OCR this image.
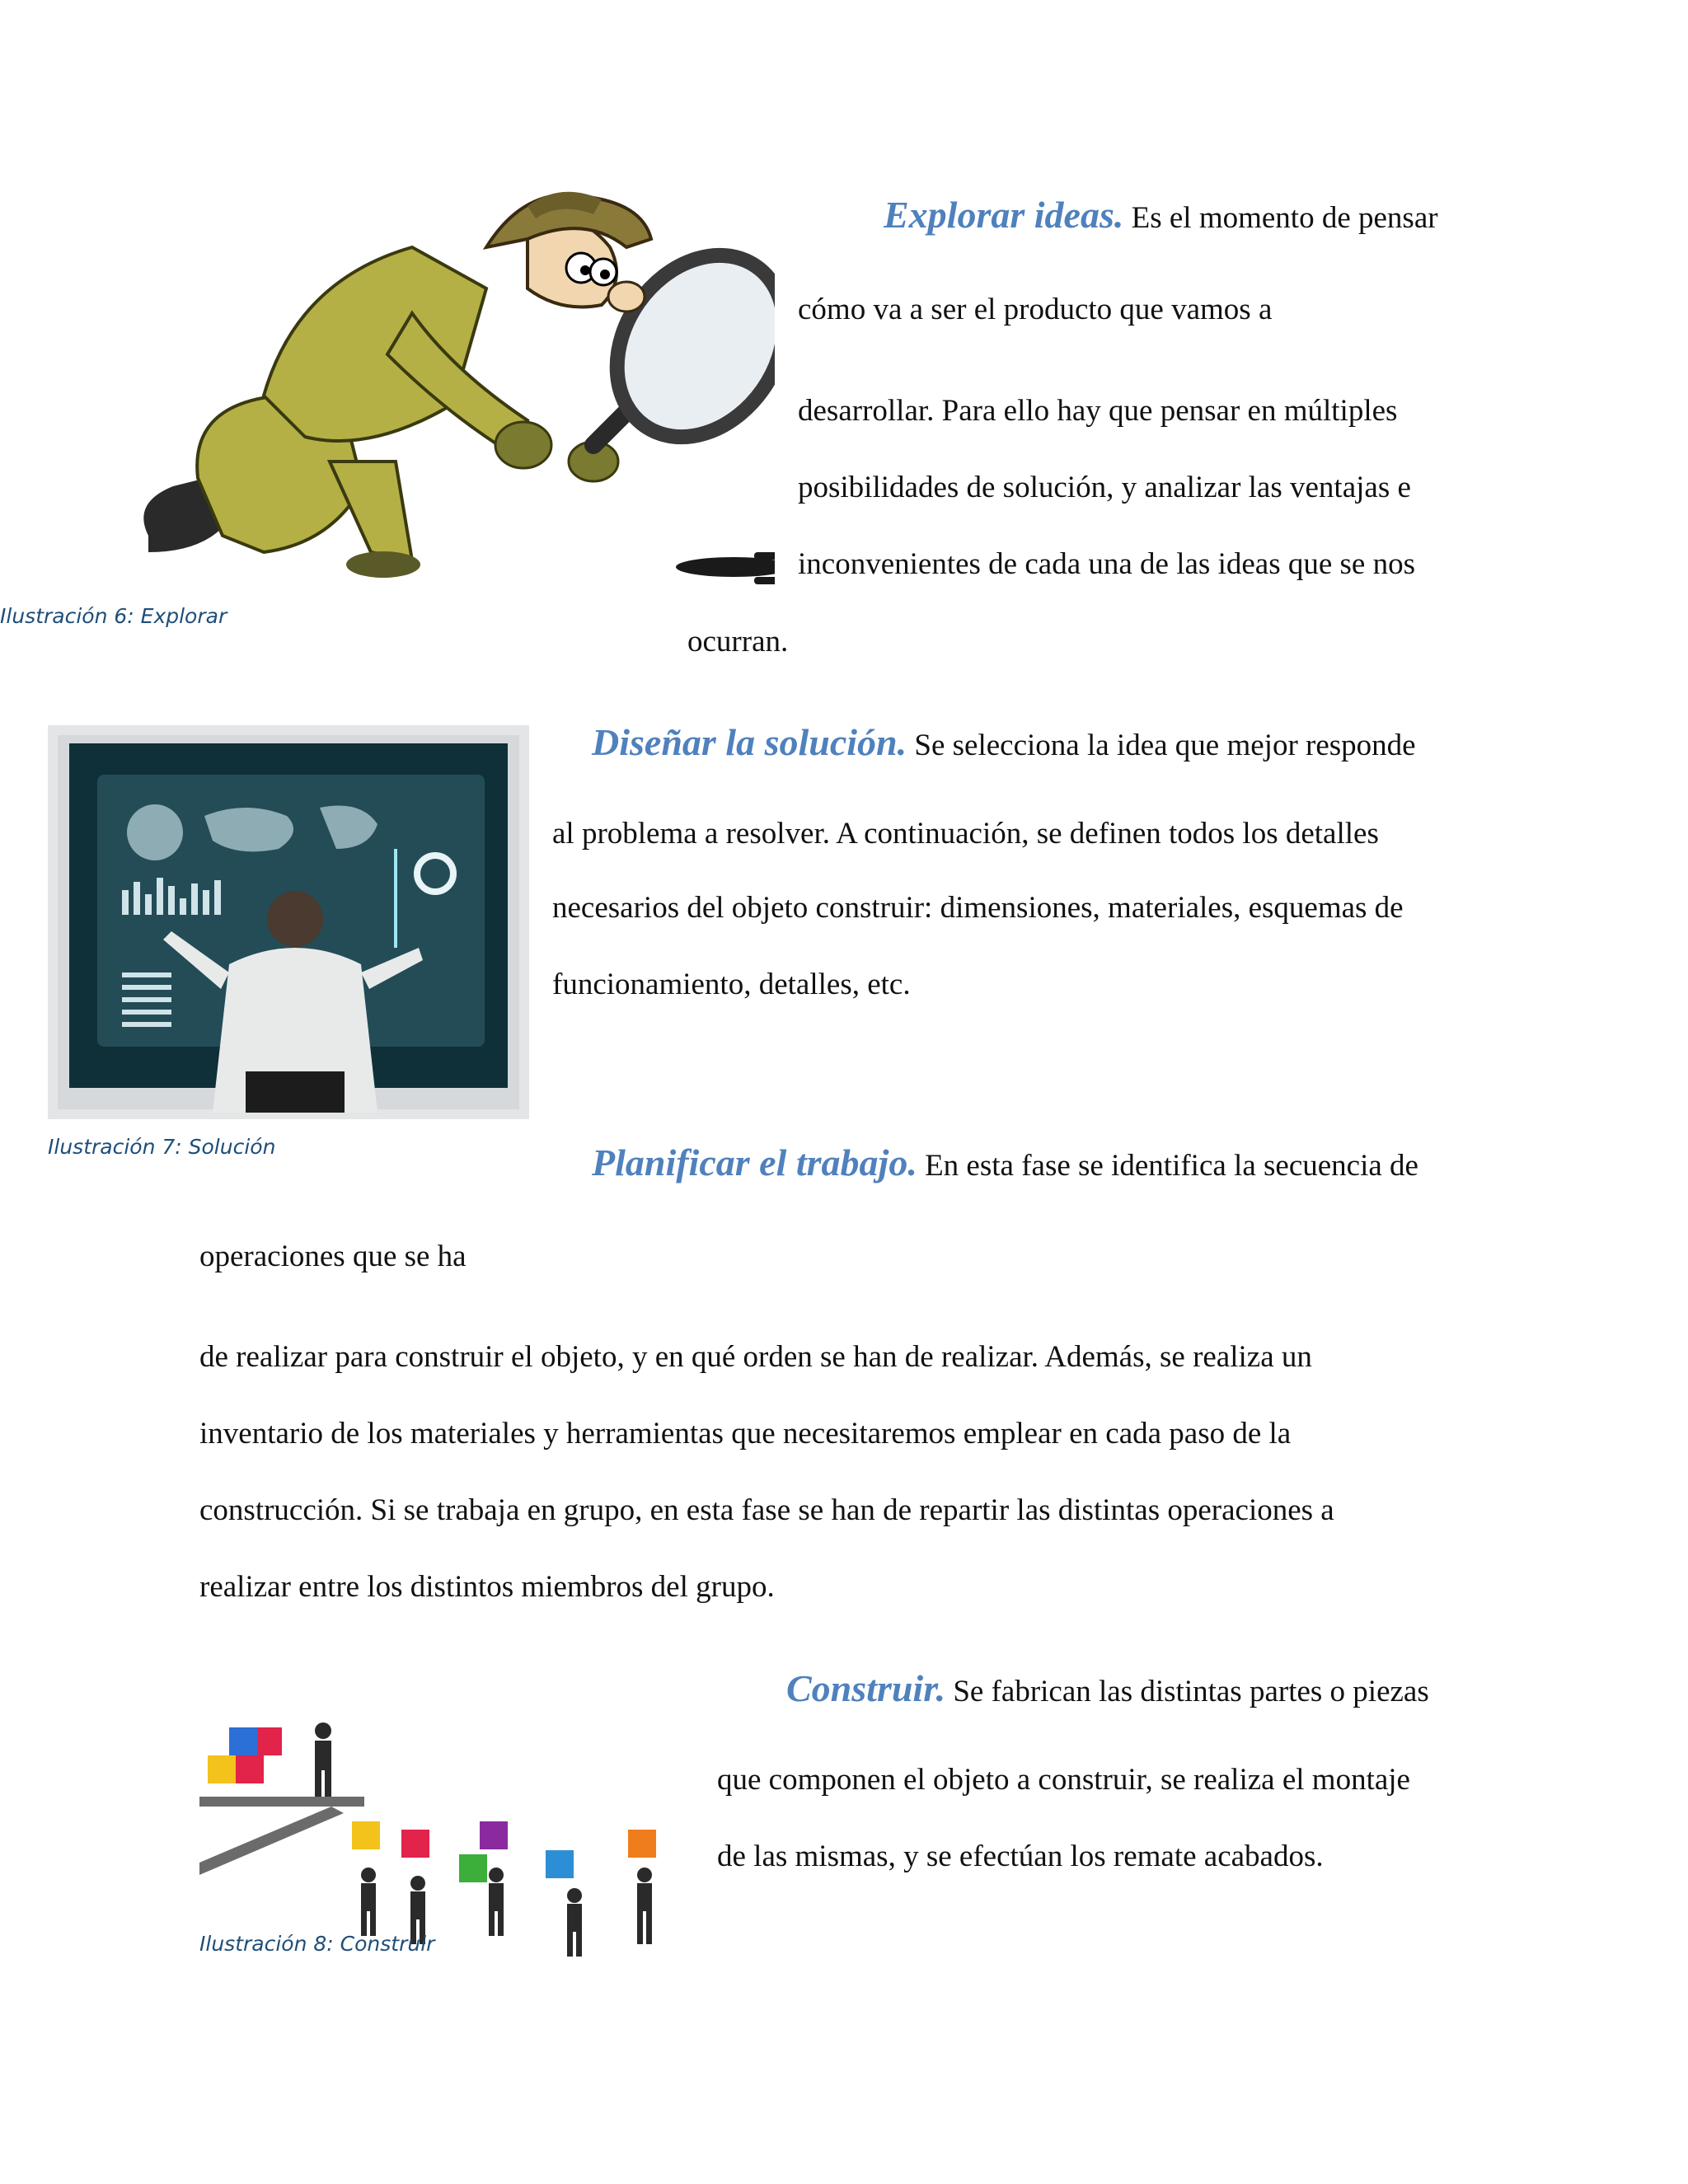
Explorar ideas. Es el momento de pensar
cómo va a ser el producto que vamos a
desarrollar. Para ello hay que pensar en múltiples
posibilidades de solución, y analizar las ventajas e
inconvenientes de cada una de las ideas que se nos
Ilustración 6: Explorar
ocurran.
Diseñar la solución. Se selecciona la idea que mejor responde
al problema a resolver. A continuación, se definen todos los detalles
necesarios del objeto construir: dimensiones, materiales, esquemas de
funcionamiento, detalles, etc.
Ilustración 7: Solución	Planificar el trabajo. En esta fase se identifica la secuencia de
operaciones que se ha
de realizar para construir el objeto, y en qué orden se han de realizar. Además, se realiza un
inventario de los materiales y herramientas que necesitaremos emplear en cada paso de la
construcción. Si se trabaja en grupo, en esta fase se han de repartir las distintas operaciones a
realizar entre los distintos miembros del grupo.
Construir. Se fabrican las distintas partes o piezas
que componen el objeto a construir, se realiza el montaje
de las mismas, y se efectúan los remate acabados.
Ilustración 8: Construir
